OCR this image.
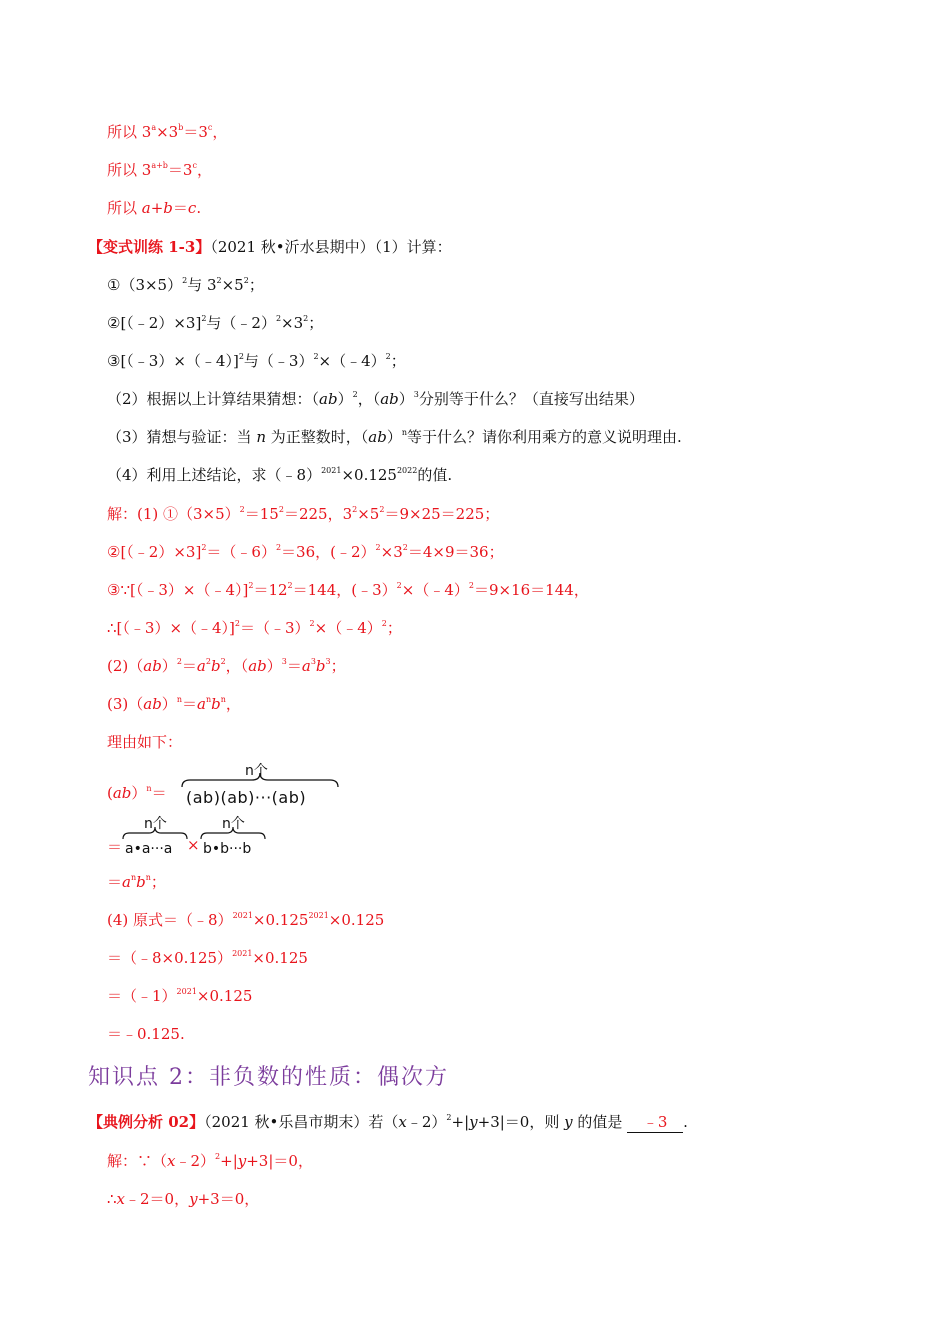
所以 $3^a\times 3^b=3^c$，
所以 $3^{a+b}=3^c$，
所以 a+b＝c.
【变式训练 1-3】（2021 秋•沂水县期中）（1）计算：
$①(3\times 5)^2$与 $3^2\times 5^2$；
②[（﹣2）×3]$^2$与$(﹣2)^2\times 3^2$；
③[（﹣3）×（﹣4）]$^2$与（﹣3）$^2$×（﹣4）$^2$；
（2）根据以上计算结果猜想：（ab）$^2$，（ab）$^3$分别等于什么？（直接写出结果）
（3）猜想与验证：当 n 为正整数时，（ab）$^n$等于什么？请你利用乘方的意义说明理由.
（4）利用上述结论，求$(﹣8)^{2021}\times 0.125^{2022}$的值.
解：(1) $①(3\times 5)^2=15^2=225$，$3^2\times 5^2=9\times 25=225$；
②[（﹣2）×3]$^2$＝（﹣6）$^2$＝36，$(﹣2)^2\times 3^2=4\times 9=36$；
$③\because[(﹣3)\times(﹣4)]^2=12^2=144$，(﹣3）$^2$×（﹣4）$^2$＝9×16＝144，
∴[（﹣3）×（﹣4）]$^2$＝（﹣3）$^2$×（﹣4）$^2$；
$(2)(ab)^2=a^2b^2$，$(ab)^3=a^3b^3$；
$(3)(ab)^n=a^nb^n$，
理由如下：
(ab）$^n$＝
n个
(ab)(ab)···(ab)
＝
n个
a•a···a ×
n个
b•b···b
$=a^nb^n$；
(4) 原式$=(﹣8)^{2021}\times 0.125^{2021}\times 0.125$
＝（﹣8×0.125）$^{2021}$×0.125
＝（﹣1）$^{2021}$×0.125
＝﹣0.125.
知识点 2：非负数的性质：偶次方
【典例分析 02】（2021 秋•乐昌市期末）若（x﹣2）$^2$+|y+3|＝0，则 y 的值是 ﹣3 .
解：∵（x﹣2）$^2$+|y+3|＝0，
∴x﹣2＝0，y+3＝0，
